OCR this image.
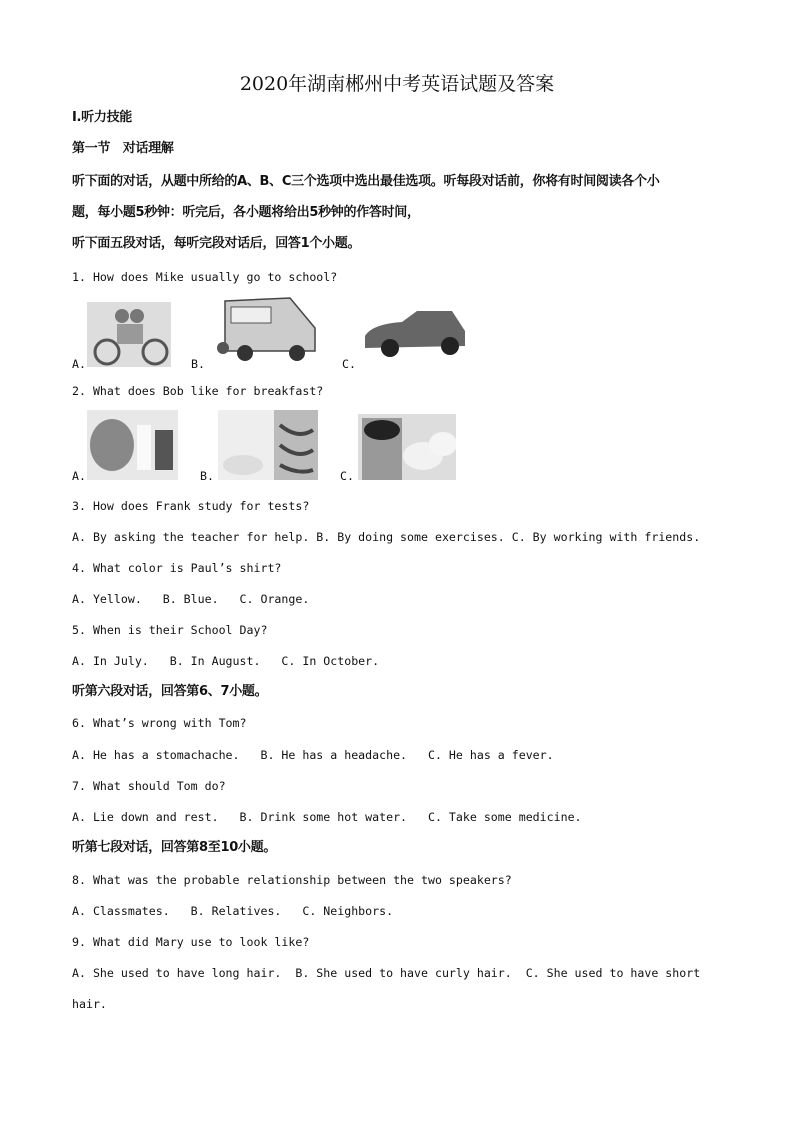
2020年湖南郴州中考英语试题及答案
Ⅰ.听力技能
第一节　对话理解
听下面的对话，从题中所给的A、B、C三个选项中选出最佳选项。听每段对话前，你将有时间阅读各个小
题，每小题5秒钟：听完后，各小题将给出5秒钟的作答时间，
听下面五段对话，每听完段对话后，回答1个小题。
1. How does Mike usually go to school?
A.	B.	C.
2. What does Bob like for breakfast?
A.	B.	C.
3. How does Frank study for tests?
A. By asking the teacher for help. B. By doing some exercises. C. By working with friends.
4. What color is Paul’s shirt?
A. Yellow.   B. Blue.   C. Orange.
5. When is their School Day?
A. In July.   B. In August.   C. In October.
听第六段对话，回答第6、7小题。
6. What’s wrong with Tom?
A. He has a stomachache.   B. He has a headache.   C. He has a fever.
7. What should Tom do?
A. Lie down and rest.   B. Drink some hot water.   C. Take some medicine.
听第七段对话，回答第8至10小题。
8. What was the probable relationship between the two speakers?
A. Classmates.   B. Relatives.   C. Neighbors.
9. What did Mary use to look like?
A. She used to have long hair.  B. She used to have curly hair.  C. She used to have short
hair.
